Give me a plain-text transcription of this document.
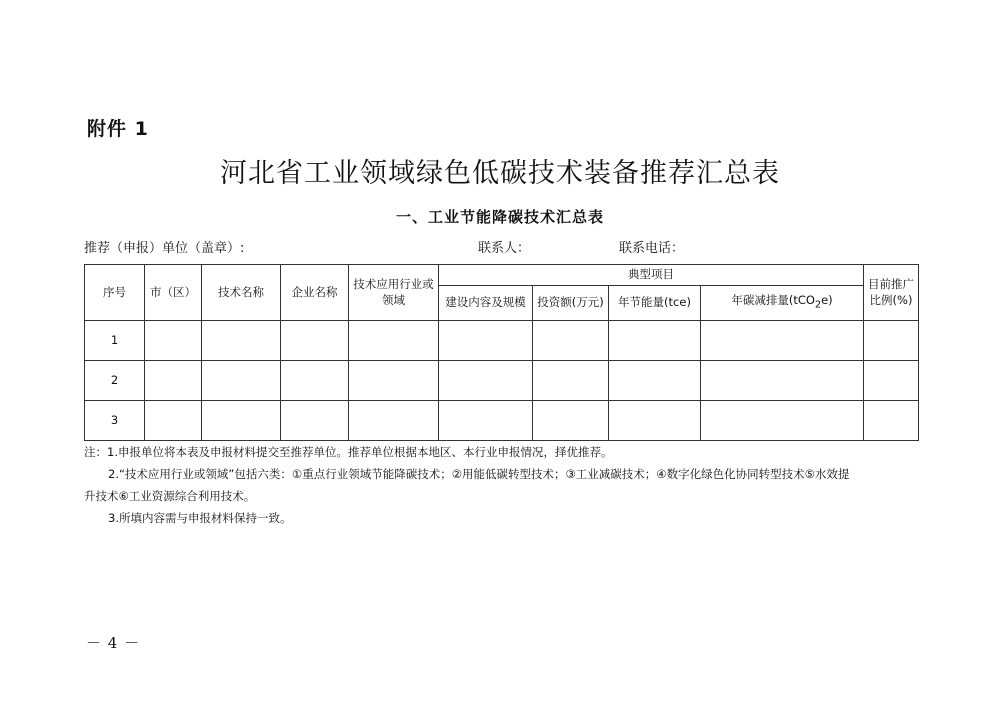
附件 1
河北省工业领域绿色低碳技术装备推荐汇总表
一、工业节能降碳技术汇总表
推荐（申报）单位（盖章）:	联系人：	联系电话：
序号	市（区）	技术名称	企业名称	技术应用行业或领域	典型项目				目前推广比例(%)
					建设内容及规模	投资额(万元)	年节能量(tce)	年碳减排量(tCO$_2$e)	
1									
2									
3									

注：1.申报单位将本表及申报材料提交至推荐单位。推荐单位根据本地区、本行业申报情况，择优推荐。

2.“技术应用行业或领域”包括六类：①重点行业领域节能降碳技术；②用能低碳转型技术；③工业减碳技术；④数字化绿色化协同转型技术⑤水效提

升技术⑥工业资源综合利用技术。

3.所填内容需与申报材料保持一致。

－ 4 －
